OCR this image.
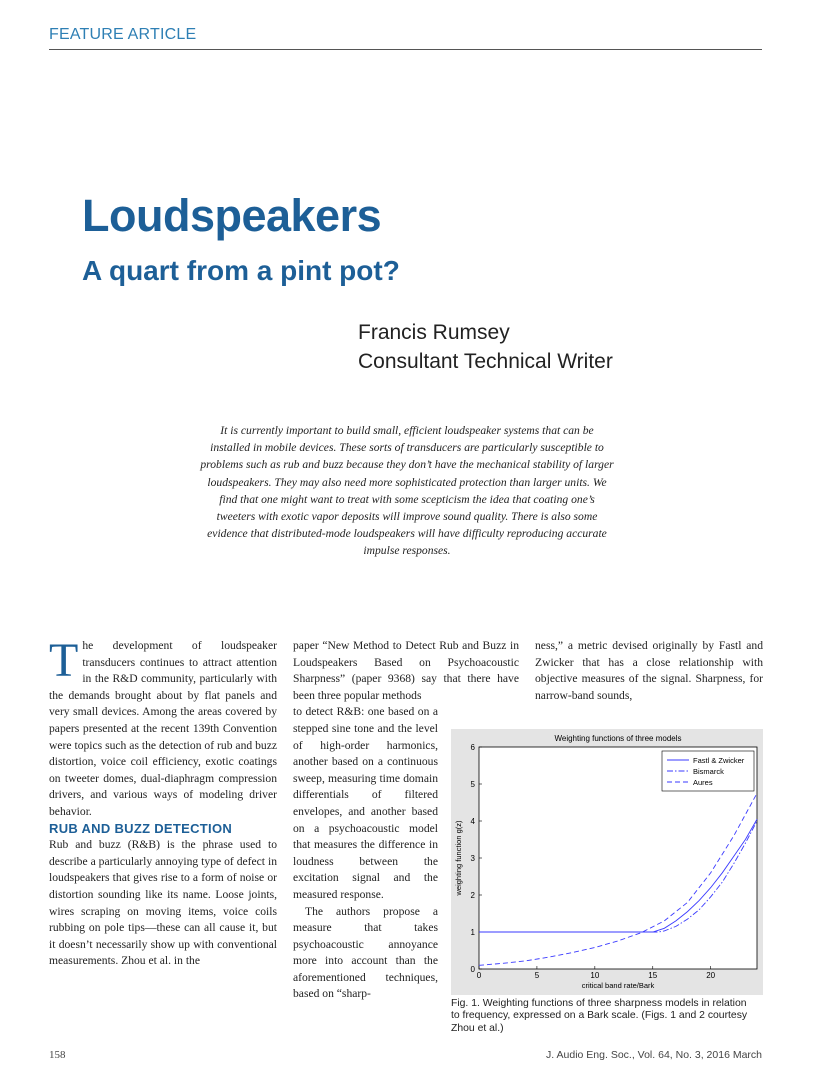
FEATURE ARTICLE
Loudspeakers
A quart from a pint pot?
Francis Rumsey
Consultant Technical Writer
It is currently important to build small, efficient loudspeaker systems that can be installed in mobile devices. These sorts of transducers are particularly susceptible to problems such as rub and buzz because they don’t have the mechanical stability of larger loudspeakers. They may also need more sophisticated protection than larger units. We find that one might want to treat with some scepticism the idea that coating one’s tweeters with exotic vapor deposits will improve sound quality. There is also some evidence that distributed-mode loudspeakers will have difficulty reproducing accurate impulse responses.

The development of loudspeaker transducers continues to attract attention in the R&D community, particularly with the demands brought about by flat panels and very small devices. Among the areas covered by papers presented at the recent 139th Convention were topics such as the detection of rub and buzz distortion, voice coil efficiency, exotic coatings on tweeter domes, dual-diaphragm compression drivers, and various ways of modeling driver behavior.

RUB AND BUZZ DETECTION

Rub and buzz (R&B) is the phrase used to describe a particularly annoying type of defect in loudspeakers that gives rise to a form of noise or distortion sounding like its name. Loose joints, wires scraping on moving items, voice coils rubbing on pole tips—these can all cause it, but it doesn’t necessarily show up with conventional measurements. Zhou et al. in the

paper “New Method to Detect Rub and Buzz in Loudspeakers Based on Psychoacoustic Sharpness” (paper 9368) say that there have been three popular methods

to detect R&B: one based on a stepped sine tone and the level of high-order harmonics, another based on a continuous sweep, measuring time domain differentials of filtered envelopes, and another based on a psychoacoustic model that measures the difference in loudness between the excitation signal and the measured response.

The authors propose a measure that takes psychoacoustic annoyance more into account than the aforementioned techniques, based on “sharp-

ness,” a metric devised originally by Fastl and Zwicker that has a close relationship with objective measures of the signal. Sharpness, for narrow-band sounds,

Weighting functions of three models
0	5	10	15	20
0
1
2
3
4
5
6
critical band rate/Bark
weighting function g(z)
Fastl & Zwicker
Bismarck
Aures
Fig. 1. Weighting functions of three sharpness models in relation to frequency, expressed on a Bark scale. (Figs. 1 and 2 courtesy Zhou et al.)
158	J. Audio Eng. Soc., Vol. 64, No. 3, 2016 March
